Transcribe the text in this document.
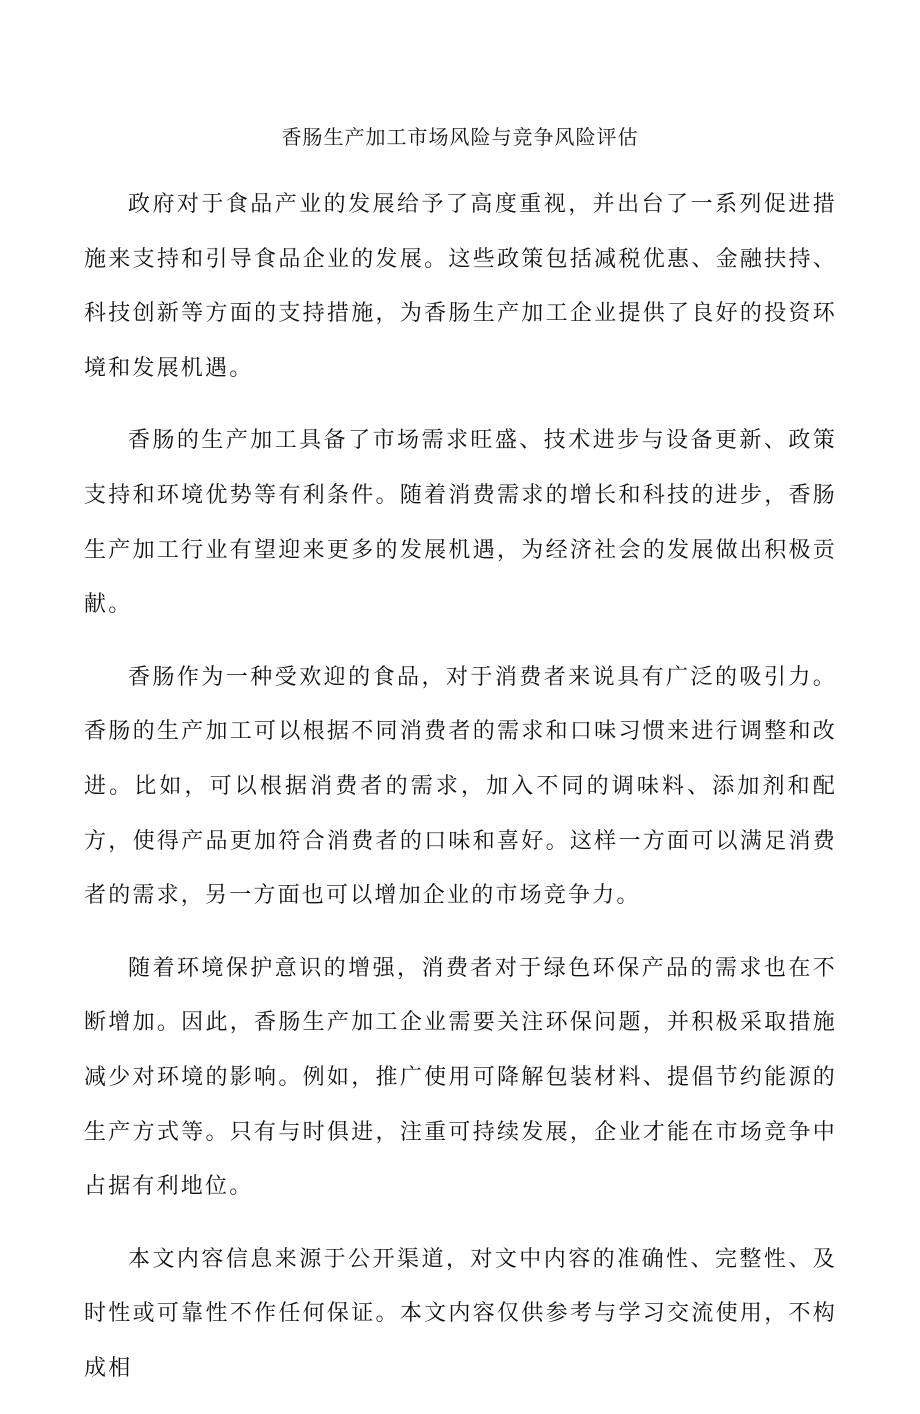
香肠生产加工市场风险与竞争风险评估

政府对于食品产业的发展给予了高度重视，并出台了一系列促进措施来支持和引导食品企业的发展。这些政策包括减税优惠、金融扶持、科技创新等方面的支持措施，为香肠生产加工企业提供了良好的投资环境和发展机遇。

香肠的生产加工具备了市场需求旺盛、技术进步与设备更新、政策支持和环境优势等有利条件。随着消费需求的增长和科技的进步，香肠生产加工行业有望迎来更多的发展机遇，为经济社会的发展做出积极贡献。

香肠作为一种受欢迎的食品，对于消费者来说具有广泛的吸引力。香肠的生产加工可以根据不同消费者的需求和口味习惯来进行调整和改进。比如，可以根据消费者的需求，加入不同的调味料、添加剂和配方，使得产品更加符合消费者的口味和喜好。这样一方面可以满足消费者的需求，另一方面也可以增加企业的市场竞争力。

随着环境保护意识的增强，消费者对于绿色环保产品的需求也在不断增加。因此，香肠生产加工企业需要关注环保问题，并积极采取措施减少对环境的影响。例如，推广使用可降解包装材料、提倡节约能源的生产方式等。只有与时俱进，注重可持续发展，企业才能在市场竞争中占据有利地位。

本文内容信息来源于公开渠道，对文中内容的准确性、完整性、及时性或可靠性不作任何保证。本文内容仅供参考与学习交流使用，不构成相
